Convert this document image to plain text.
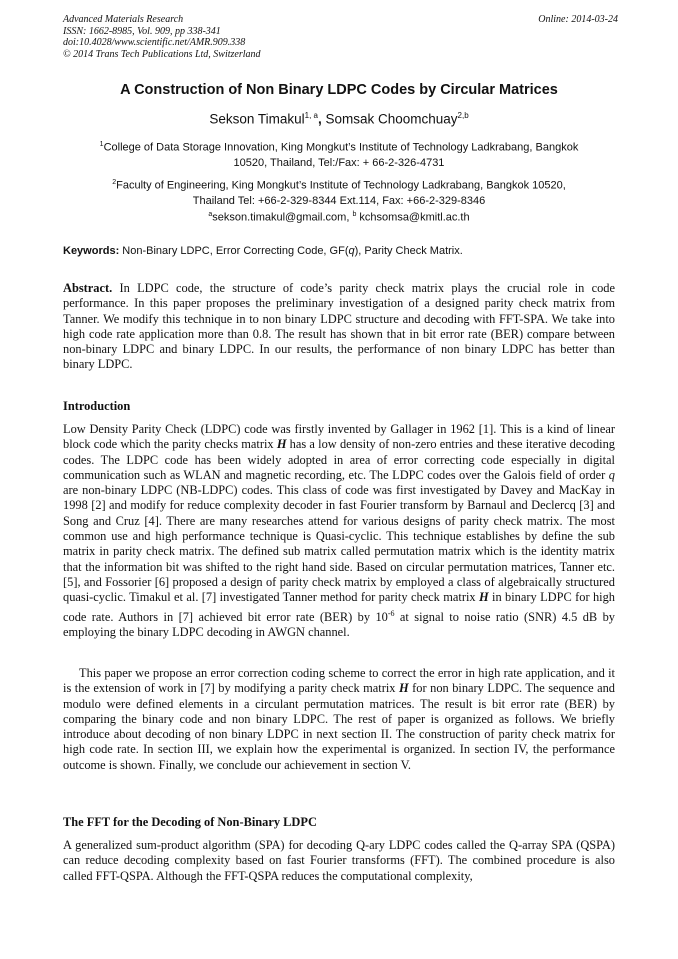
Advanced Materials Research
ISSN: 1662-8985, Vol. 909, pp 338-341
doi:10.4028/www.scientific.net/AMR.909.338
© 2014 Trans Tech Publications Ltd, Switzerland
Online: 2014-03-24
A Construction of Non Binary LDPC Codes by Circular Matrices
Sekson Timakul$^{1, a}$, Somsak Choomchuay$^{2,b}$
$^1$College of Data Storage Innovation, King Mongkut’s Institute of Technology Ladkrabang, Bangkok
10520, Thailand, Tel:/Fax: + 66-2-326-4731
$^2$Faculty of Engineering, King Mongkut’s Institute of Technology Ladkrabang, Bangkok 10520,
Thailand Tel: +66-2-329-8344 Ext.114, Fax: +66-2-329-8346
$^a$sekson.timakul@gmail.com, $^b$ kchsomsa@kmitl.ac.th
Keywords: Non-Binary LDPC, Error Correcting Code, GF(q), Parity Check Matrix.

Abstract. In LDPC code, the structure of code’s parity check matrix plays the crucial role in code performance. In this paper proposes the preliminary investigation of a designed parity check matrix from Tanner. We modify this technique in to non binary LDPC structure and decoding with FFT-SPA. We take into high code rate application more than 0.8. The result has shown that in bit error rate (BER) compare between non-binary LDPC and binary LDPC. In our results, the performance of non binary LDPC has better than binary LDPC.

Introduction

Low Density Parity Check (LDPC) code was firstly invented by Gallager in 1962 [1]. This is a kind of linear block code which the parity checks matrix H has a low density of non-zero entries and these iterative decoding codes. The LDPC code has been widely adopted in area of error correcting code especially in digital communication such as WLAN and magnetic recording, etc. The LDPC codes over the Galois field of order q are non-binary LDPC (NB-LDPC) codes. This class of code was first investigated by Davey and MacKay in 1998 [2] and modify for reduce complexity decoder in fast Fourier transform by Barnaul and Declercq [3] and Song and Cruz [4]. There are many researches attend for various designs of parity check matrix. The most common use and high performance technique is Quasi-cyclic. This technique establishes by define the sub matrix in parity check matrix. The defined sub matrix called permutation matrix which is the identity matrix that the information bit was shifted to the right hand side. Based on circular permutation matrices, Tanner etc. [5], and Fossorier [6] proposed a design of parity check matrix by employed a class of algebraically structured quasi-cyclic. Timakul et al. [7] investigated Tanner method for parity check matrix H in binary LDPC for high code rate. Authors in [7] achieved bit error rate (BER) by $10^{-6}$ at signal to noise ratio (SNR) 4.5 dB by employing the binary LDPC decoding in AWGN channel.

This paper we propose an error correction coding scheme to correct the error in high rate application, and it is the extension of work in [7] by modifying a parity check matrix H for non binary LDPC. The sequence and modulo were defined elements in a circulant permutation matrices. The result is bit error rate (BER) by comparing the binary code and non binary LDPC. The rest of paper is organized as follows. We briefly introduce about decoding of non binary LDPC in next section II. The construction of parity check matrix for high code rate. In section III, we explain how the experimental is organized. In section IV, the performance outcome is shown. Finally, we conclude our achievement in section V.

The FFT for the Decoding of Non-Binary LDPC

A generalized sum-product algorithm (SPA) for decoding Q-ary LDPC codes called the Q-array SPA (QSPA) can reduce decoding complexity based on fast Fourier transforms (FFT). The combined procedure is also called FFT-QSPA. Although the FFT-QSPA reduces the computational complexity,
